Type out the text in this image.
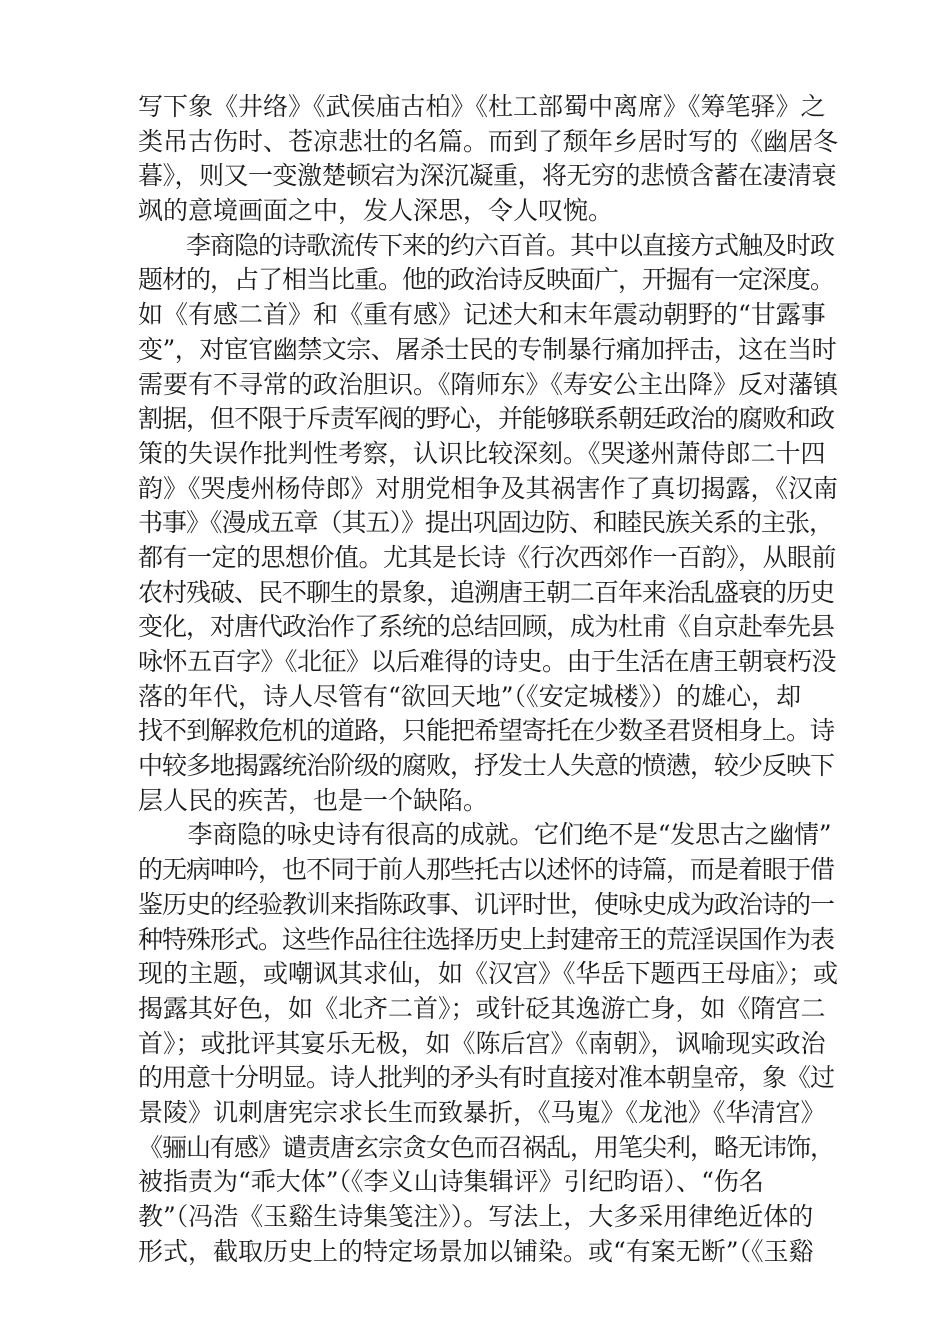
写下象《井络》《武侯庙古柏》《杜工部蜀中离席》《筹笔驿》之
类吊古伤时、苍凉悲壮的名篇。而到了颓年乡居时写的《幽居冬
暮》，则又一变激楚顿宕为深沉凝重，将无穷的悲愤含蓄在凄清衰
飒的意境画面之中，发人深思，令人叹惋。
　　李商隐的诗歌流传下来的约六百首。其中以直接方式触及时政
题材的，占了相当比重。他的政治诗反映面广，开掘有一定深度。
如《有感二首》和《重有感》记述大和末年震动朝野的“甘露事
变”，对宦官幽禁文宗、屠杀士民的专制暴行痛加抨击，这在当时
需要有不寻常的政治胆识。《隋师东》《寿安公主出降》反对藩镇
割据，但不限于斥责军阀的野心，并能够联系朝廷政治的腐败和政
策的失误作批判性考察，认识比较深刻。《哭遂州萧侍郎二十四
韵》《哭虔州杨侍郎》对朋党相争及其祸害作了真切揭露，《汉南
书事》《漫成五章（其五）》提出巩固边防、和睦民族关系的主张，
都有一定的思想价值。尤其是长诗《行次西郊作一百韵》，从眼前
农村残破、民不聊生的景象，追溯唐王朝二百年来治乱盛衰的历史
变化，对唐代政治作了系统的总结回顾，成为杜甫《自京赴奉先县
咏怀五百字》《北征》以后难得的诗史。由于生活在唐王朝衰朽没
落的年代，诗人尽管有“欲回天地”（《安定城楼》）的雄心，却
找不到解救危机的道路，只能把希望寄托在少数圣君贤相身上。诗
中较多地揭露统治阶级的腐败，抒发士人失意的愤懑，较少反映下
层人民的疾苦，也是一个缺陷。
　　李商隐的咏史诗有很高的成就。它们绝不是“发思古之幽情”
的无病呻吟，也不同于前人那些托古以述怀的诗篇，而是着眼于借
鉴历史的经验教训来指陈政事、讥评时世，使咏史成为政治诗的一
种特殊形式。这些作品往往选择历史上封建帝王的荒淫误国作为表
现的主题，或嘲讽其求仙，如《汉宫》《华岳下题西王母庙》；或
揭露其好色，如《北齐二首》；或针砭其逸游亡身，如《隋宫二
首》；或批评其宴乐无极，如《陈后宫》《南朝》，讽喻现实政治
的用意十分明显。诗人批判的矛头有时直接对准本朝皇帝，象《过
景陵》讥刺唐宪宗求长生而致暴折，《马嵬》《龙池》《华清宫》
《骊山有感》谴责唐玄宗贪女色而召祸乱，用笔尖利，略无讳饰，
被指责为“乖大体”（《李义山诗集辑评》引纪昀语）、“伤名
教”（冯浩《玉谿生诗集笺注》）。写法上，大多采用律绝近体的
形式，截取历史上的特定场景加以铺染。或“有案无断”（《玉谿
